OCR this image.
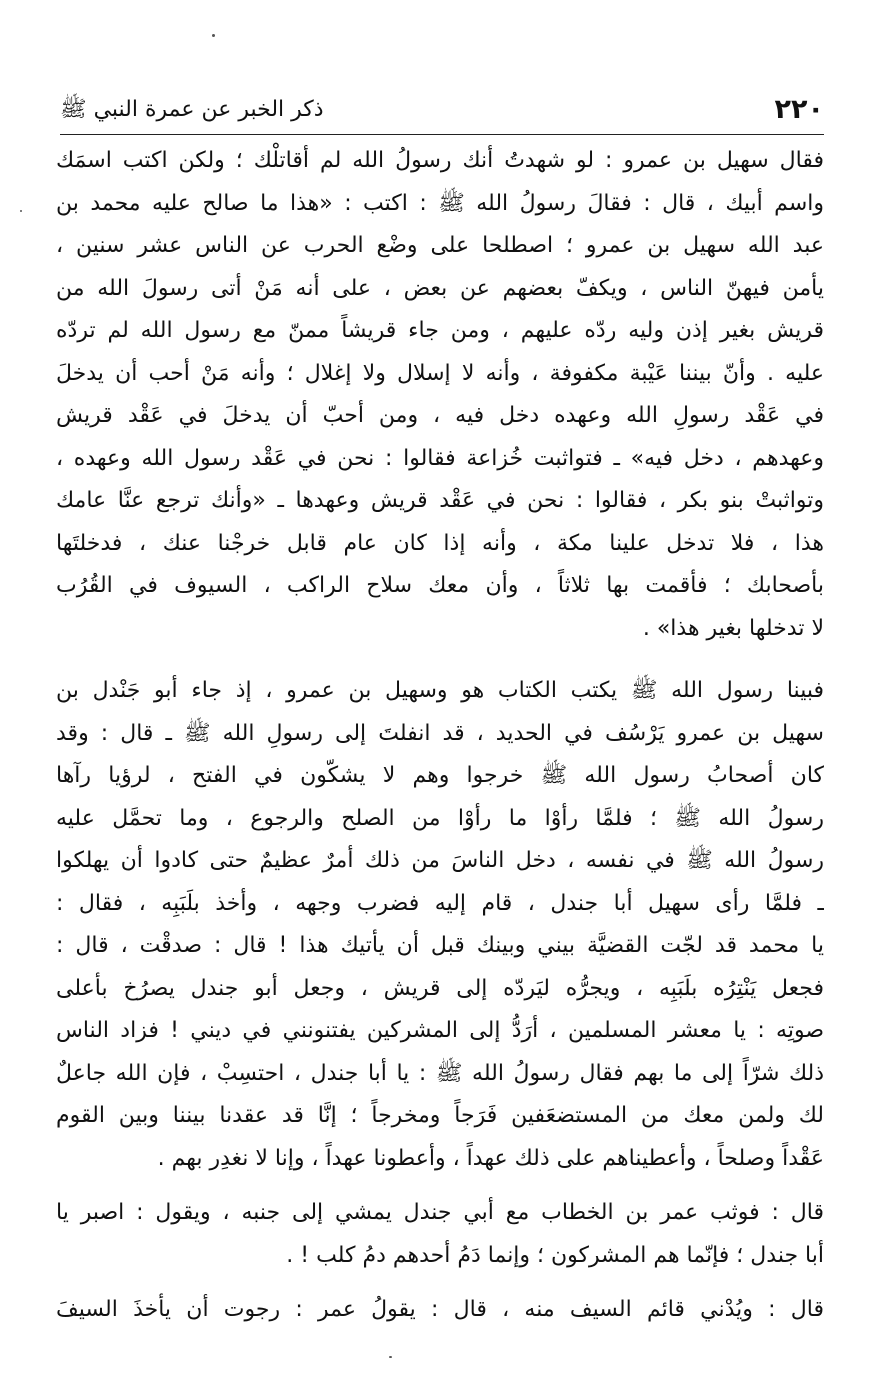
٢٢٠
ذكر الخبر عن عمرة النبي ﷺ
فقال سهيل بن عمرو : لو شهدتُ أنك رسولُ الله لم أقاتلْك ؛ ولكن اكتب اسمَك
واسم أبيك ، قال : فقالَ رسولُ الله ﷺ : اكتب : «هذا ما صالح عليه محمد بن
عبد الله سهيل بن عمرو ؛ اصطلحا على وضْع الحرب عن الناس عشر سنين ،
يأمن فيهنّ الناس ، ويكفّ بعضهم عن بعض ، على أنه مَنْ أتى رسولَ الله من
قريش بغير إذن وليه ردّه عليهم ، ومن جاء قريشاً ممنّ مع رسول الله لم تردّه
عليه . وأنّ بيننا عَيْبة مكفوفة ، وأنه لا إسلال ولا إغلال ؛ وأنه مَنْ أحب أن يدخلَ
في عَقْد رسولِ الله وعهده دخل فيه ، ومن أحبّ أن يدخلَ في عَقْد قريش
وعهدهم ، دخل فيه» ـ فتواثبت خُزاعة فقالوا : نحن في عَقْد رسول الله وعهده ،
وتواثبتْ بنو بكر ، فقالوا : نحن في عَقْد قريش وعهدها ـ «وأنك ترجع عنَّا عامك
هذا ، فلا تدخل علينا مكة ، وأنه إذا كان عام قابل خرجْنا عنك ، فدخلتَها
بأصحابك ؛ فأقمت بها ثلاثاً ، وأن معك سلاح الراكب ، السيوف في القُرُب
لا تدخلها بغير هذا» .
فبينا رسول الله ﷺ يكتب الكتاب هو وسهيل بن عمرو ، إذ جاء أبو جَنْدل بن
سهيل بن عمرو يَرْسُف في الحديد ، قد انفلتَ إلى رسولِ الله ﷺ ـ قال : وقد
كان أصحابُ رسول الله ﷺ خرجوا وهم لا يشكّون في الفتح ، لرؤيا رآها
رسولُ الله ﷺ ؛ فلمَّا رأوْا ما رأوْا من الصلح والرجوع ، وما تحمَّل عليه
رسولُ الله ﷺ في نفسه ، دخل الناسَ من ذلك أمرٌ عظيمٌ حتى كادوا أن يهلكوا
ـ فلمَّا رأى سهيل أبا جندل ، قام إليه فضرب وجهه ، وأخذ بلَبَبِه ، فقال :
يا محمد قد لجّت القضيَّة بيني وبينك قبل أن يأتيك هذا ! قال : صدقْت ، قال :
فجعل يَنْتِرُه بلَبَبِه ، ويجرُّه ليَردّه إلى قريش ، وجعل أبو جندل يصرُخ بأعلى
صوتِه : يا معشر المسلمين ، أرَدُّ إلى المشركين يفتنونني في ديني ! فزاد الناس
ذلك شرّاً إلى ما بهم فقال رسولُ الله ﷺ : يا أبا جندل ، احتسِبْ ، فإن الله جاعلٌ
لك ولمن معك من المستضعَفين فَرَجاً ومخرجاً ؛ إنَّا قد عقدنا بيننا وبين القوم
عَقْداً وصلحاً ، وأعطيناهم على ذلك عهداً ، وأعطونا عهداً ، وإنا لا نغدِر بهم .
قال : فوثب عمر بن الخطاب مع أبي جندل يمشي إلى جنبه ، ويقول : اصبر يا
أبا جندل ؛ فإنّما هم المشركون ؛ وإنما دَمُ أحدهم دمُ كلب ! .
قال : ويُدْني قائم السيف منه ، قال : يقولُ عمر : رجوت أن يأخذَ السيفَ
